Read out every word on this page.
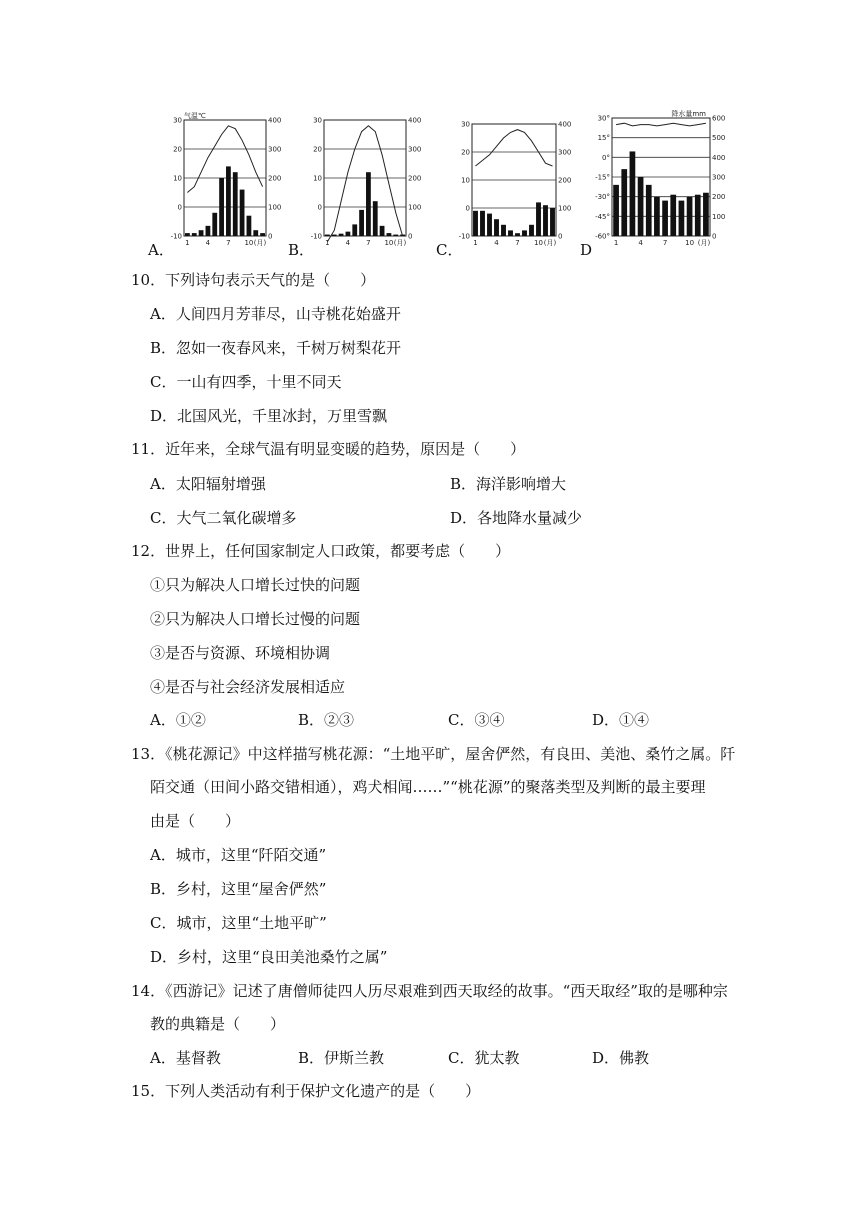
A．
30	400
20	300
10	200
0	100
-10	0
气温℃
1 4 7 10 (月) B．
30	400
20	300
10	200
0	100
-10	0
1 4 7 10 (月) C．
30	400
20	300
10	200
0	100
-10	0
1 4 7 10 (月) D
30°	600
15°	500
0°	400
-15°	300
-30°	200
-45°	100
-60°	0
降水量mm
1	4	7	10 (月)
10．下列诗句表示天气的是（　　）
A．人间四月芳菲尽，山寺桃花始盛开
B．忽如一夜春风来，千树万树梨花开
C．一山有四季，十里不同天
D．北国风光，千里冰封，万里雪飘
11．近年来，全球气温有明显变暖的趋势，原因是（　　）
A．太阳辐射增强	B．海洋影响增大
C．大气二氧化碳增多	D．各地降水量减少
12．世界上，任何国家制定人口政策，都要考虑（　　）
①只为解决人口增长过快的问题
②只为解决人口增长过慢的问题
③是否与资源、环境相协调
④是否与社会经济发展相适应
A．①②	B．②③	C．③④	D．①④
13．《桃花源记》中这样描写桃花源：“土地平旷，屋舍俨然，有良田、美池、桑竹之属。阡
陌交通（田间小路交错相通），鸡犬相闻……”“桃花源”的聚落类型及判断的最主要理
由是（　　）
A．城市，这里“阡陌交通”
B．乡村，这里“屋舍俨然”
C．城市，这里“土地平旷”
D．乡村，这里“良田美池桑竹之属”
14．《西游记》记述了唐僧师徒四人历尽艰难到西天取经的故事。“西天取经”取的是哪种宗
教的典籍是（　　）
A．基督教	B．伊斯兰教	C．犹太教	D．佛教
15．下列人类活动有利于保护文化遗产的是（　　）
